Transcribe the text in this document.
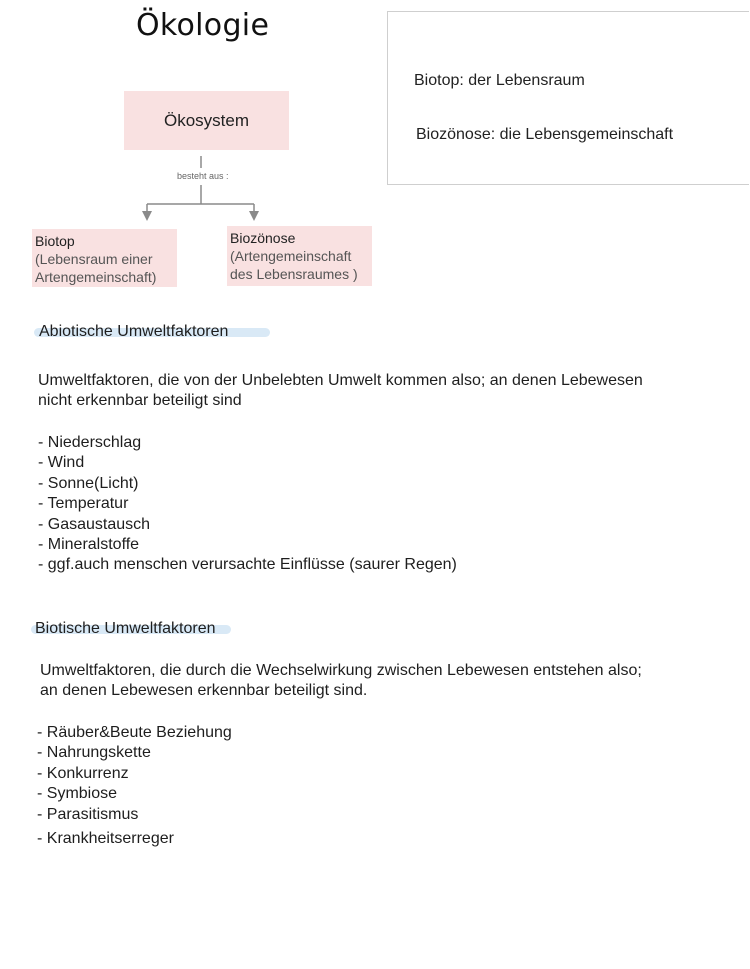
Ökologie
Biotop: der Lebensraum
Biozönose: die Lebensgemeinschaft
Ökosystem
besteht aus :
Biotop
(Lebensraum einer
Artengemeinschaft)
Biozönose
(Artengemeinschaft
des Lebensraumes )
Abiotische Umweltfaktoren
Umweltfaktoren, die von der Unbelebten Umwelt kommen also; an denen Lebewesen
nicht erkennbar beteiligt sind
- Niederschlag
- Wind
- Sonne(Licht)
- Temperatur
- Gasaustausch
- Mineralstoffe
- ggf.auch menschen verursachte Einflüsse (saurer Regen)
Biotische Umweltfaktoren
Umweltfaktoren, die durch die Wechselwirkung zwischen Lebewesen entstehen also;
an denen Lebewesen erkennbar beteiligt sind.
- Räuber&Beute Beziehung
- Nahrungskette
- Konkurrenz
- Symbiose
- Parasitismus
- Krankheitserreger
